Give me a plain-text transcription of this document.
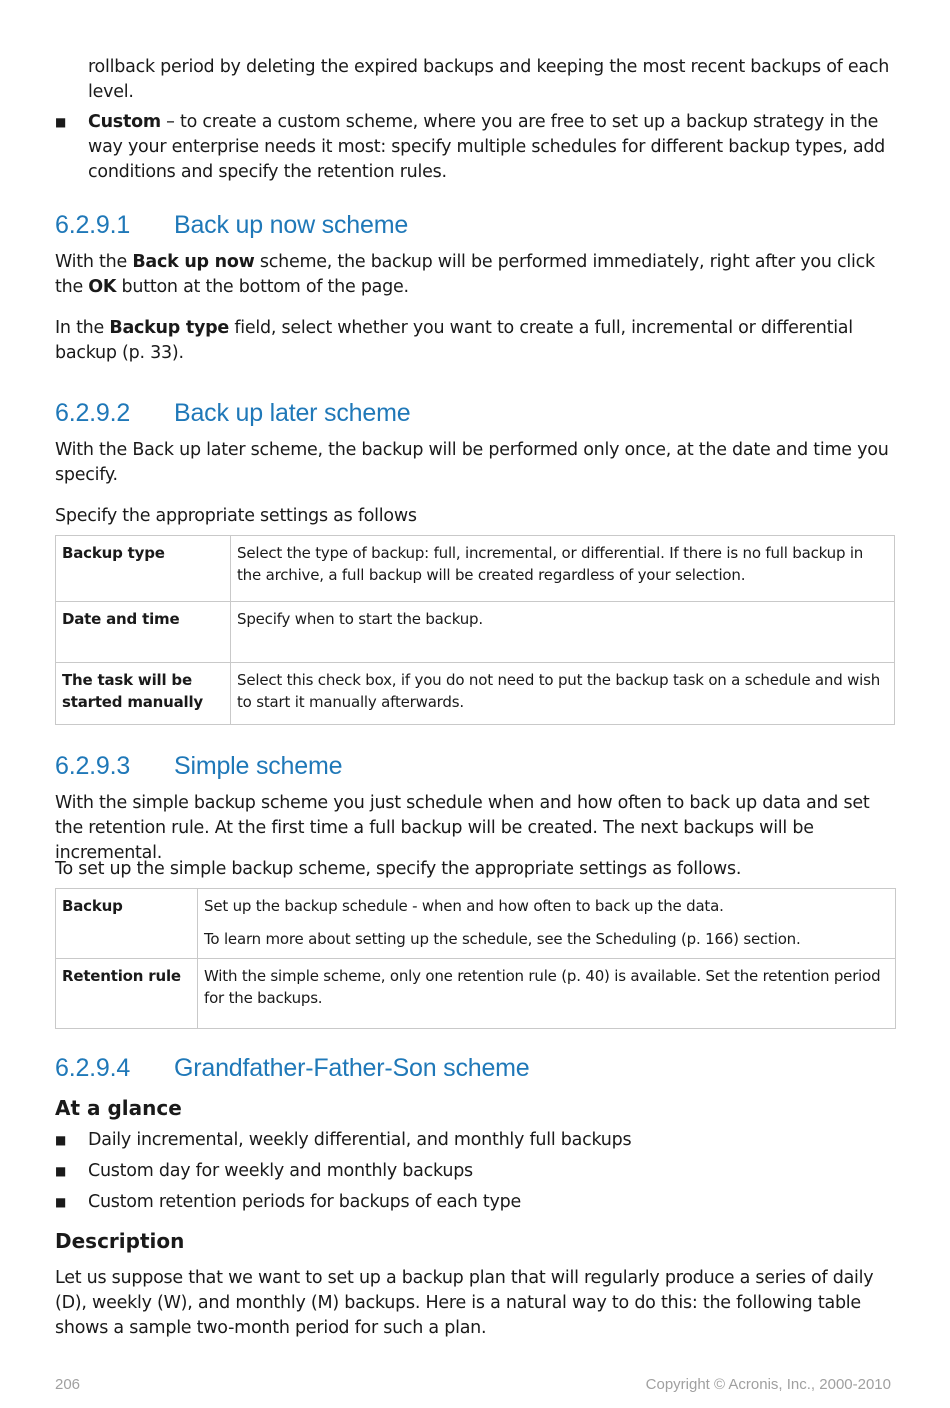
rollback period by deleting the expired backups and keeping the most recent backups of each level.

■ Custom – to create a custom scheme, where you are free to set up a backup strategy in the way your enterprise needs it most: specify multiple schedules for different backup types, add conditions and specify the retention rules.

6.2.9.1 Back up now scheme

With the Back up now scheme, the backup will be performed immediately, right after you click the OK button at the bottom of the page.

In the Backup type field, select whether you want to create a full, incremental or differential backup (p. 33).

6.2.9.2 Back up later scheme

With the Back up later scheme, the backup will be performed only once, at the date and time you specify.

Specify the appropriate settings as follows

Backup type	Select the type of backup: full, incremental, or differential. If there is no full backup in the archive, a full backup will be created regardless of your selection.
Date and time	Specify when to start the backup.
The task will be started manually	Select this check box, if you do not need to put the backup task on a schedule and wish to start it manually afterwards.
6.2.9.3 Simple scheme

With the simple backup scheme you just schedule when and how often to back up data and set the retention rule. At the first time a full backup will be created. The next backups will be incremental.

To set up the simple backup scheme, specify the appropriate settings as follows.

Backup	Set up the backup schedule - when and how often to back up the data.

To learn more about setting up the schedule, see the Scheduling (p. 166) section.

Retention rule	With the simple scheme, only one retention rule (p. 40) is available. Set the retention period for the backups.
6.2.9.4 Grandfather-Father-Son scheme
At a glance
■ Daily incremental, weekly differential, and monthly full backups

■ Custom day for weekly and monthly backups

■ Custom retention periods for backups of each type

Description

Let us suppose that we want to set up a backup plan that will regularly produce a series of daily (D), weekly (W), and monthly (M) backups. Here is a natural way to do this: the following table shows a sample two-month period for such a plan.

206	Copyright © Acronis, Inc., 2000-2010
